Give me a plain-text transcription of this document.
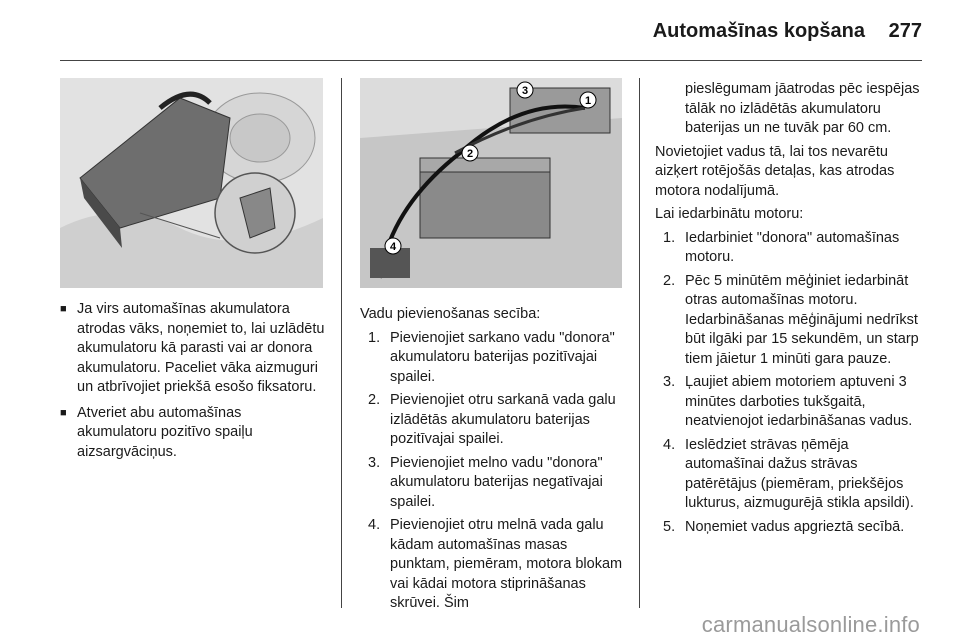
Automašīnas kopšana 277
1
2
3
4
■ Ja virs automašīnas akumulatora atrodas vāks, noņemiet to, lai uzlādētu akumulatoru kā parasti vai ar donora akumulatoru. Paceliet vāka aizmuguri un atbrīvojiet priekšā esošo fiksatoru.
■ Atveriet abu automašīnas akumulatoru pozitīvo spaiļu aizsargvāciņus.

Vadu pievienošanas secība:

1. Pievienojiet sarkano vadu "donora" akumulatoru baterijas pozitīvajai spailei.
2. Pievienojiet otru sarkanā vada galu izlādētās akumulatoru baterijas pozitīvajai spailei.
3. Pievienojiet melno vadu "donora" akumulatoru baterijas negatīvajai spailei.
4. Pievienojiet otru melnā vada galu kādam automašīnas masas punktam, piemēram, motora blokam vai kādai motora stiprināšanas skrūvei. Šim

pieslēgumam jāatrodas pēc iespējas tālāk no izlādētās akumulatoru baterijas un ne tuvāk par 60 cm.

Novietojiet vadus tā, lai tos nevarētu aizķert rotējošās detaļas, kas atrodas motora nodalījumā.

Lai iedarbinātu motoru:

1. Iedarbiniet "donora" automašīnas motoru.
2. Pēc 5 minūtēm mēģiniet iedarbināt otras automašīnas motoru. Iedarbināšanas mēģinājumi nedrīkst būt ilgāki par 15 sekundēm, un starp tiem jāietur 1 minūti gara pauze.
3. Ļaujiet abiem motoriem aptuveni 3 minūtes darboties tukšgaitā, neatvienojot iedarbināšanas vadus.
4. Ieslēdziet strāvas ņēmēja automašīnai dažus strāvas patērētājus (piemēram, priekšējos lukturus, aizmugurējā stikla apsildi).
5. Noņemiet vadus apgrieztā secībā.
carmanualsonline.info
